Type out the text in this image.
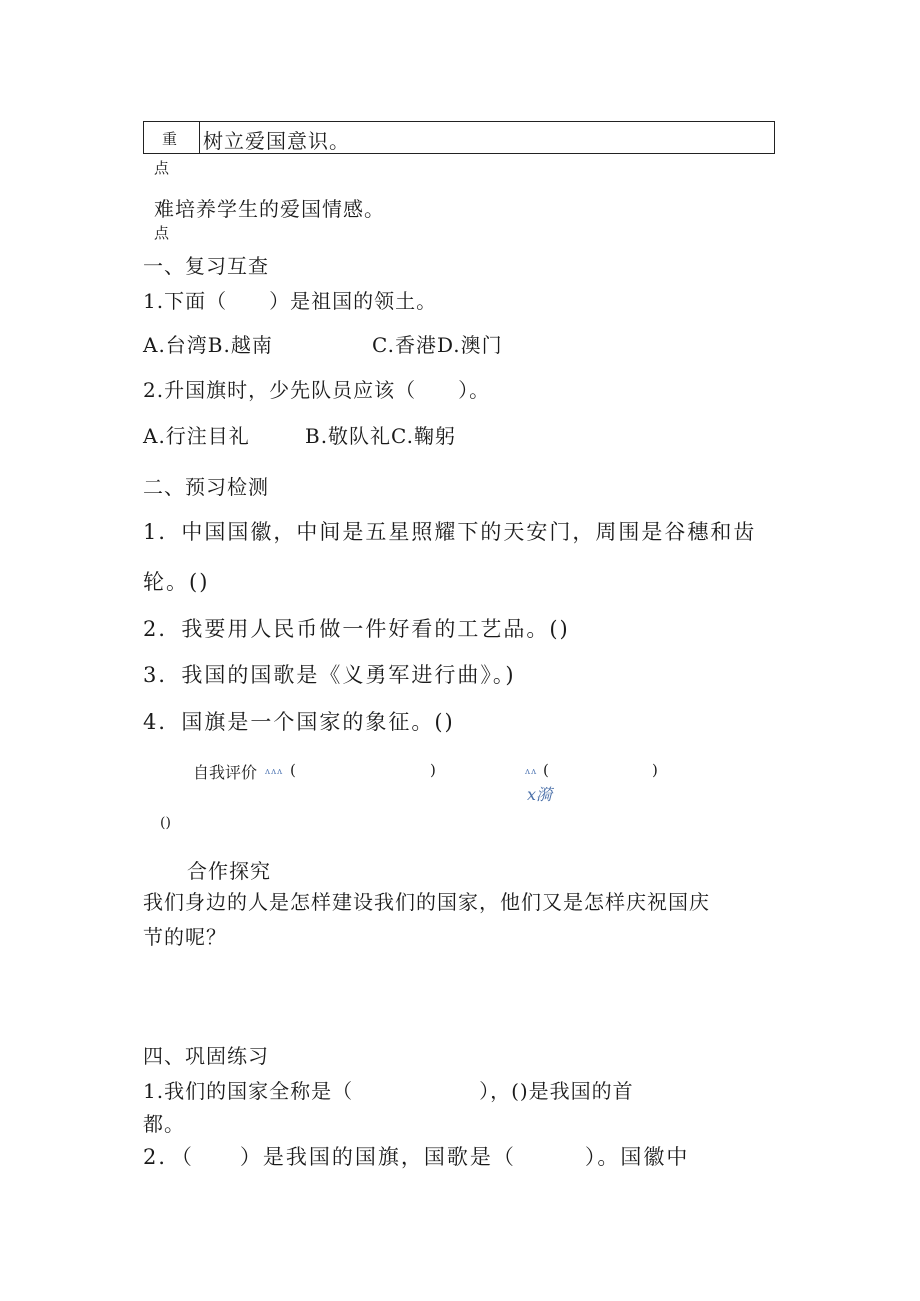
重 树立爱国意识。
点
难培养学生的爱国情感。
点
一、复习互查
1.下面（　　）是祖国的领土。
A.台湾B.越南	C.香港D.澳门
2.升国旗时，少先队员应该（　　）。
A.行注目礼	B.敬队礼C.鞠躬
二、预习检测
1．中国国徽，中间是五星照耀下的天安门，周围是谷穗和齿
轮。()
2．我要用人民币做一件好看的工艺品。()
3．我国的国歌是《义勇军进行曲》。)
4．国旗是一个国家的象征。()
自我评价 ʌʌʌ (	)	ʌʌ (	)
x漪
()
合作探究
我们身边的人是怎样建设我们的国家，他们又是怎样庆祝国庆
节的呢？
四、巩固练习
1.我们的国家全称是（　　　　　　），()是我国的首
都。
2．（　　）是我国的国旗，国歌是（　　　）。国徽中
